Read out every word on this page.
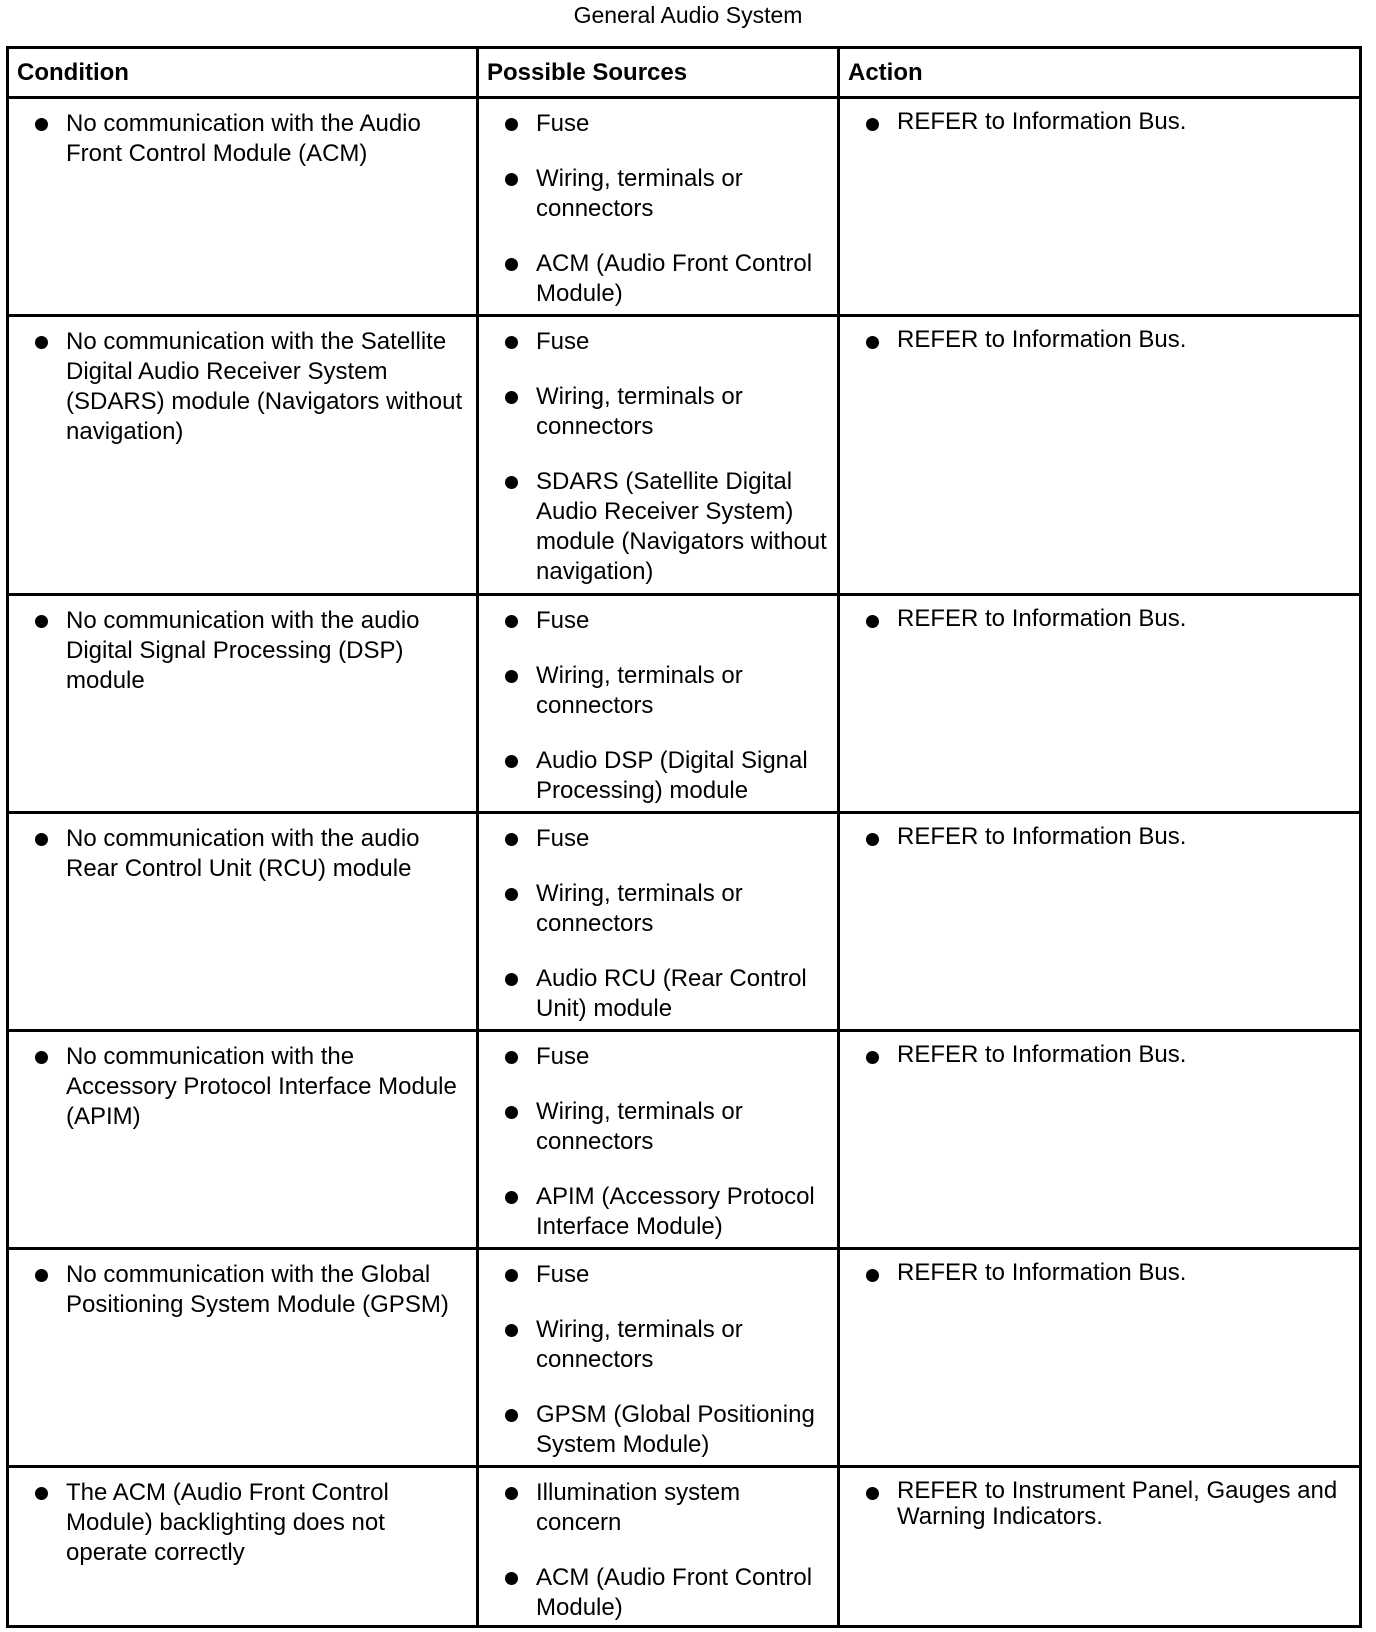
General Audio System
Condition	Possible Sources	Action
No communication with the Audio Front Control Module (ACM)
Fuse
Wiring, terminals or connectors
ACM (Audio Front Control Module)
REFER to Information Bus.
No communication with the Satellite Digital Audio Receiver System (SDARS) module (Navigators without navigation)
Fuse
Wiring, terminals or connectors
SDARS (Satellite Digital Audio Receiver System) module (Navigators without navigation)
REFER to Information Bus.
No communication with the audio Digital Signal Processing (DSP) module
Fuse
Wiring, terminals or connectors
Audio DSP (Digital Signal Processing) module
REFER to Information Bus.
No communication with the audio Rear Control Unit (RCU) module
Fuse
Wiring, terminals or connectors
Audio RCU (Rear Control Unit) module
REFER to Information Bus.
No communication with the Accessory Protocol Interface Module (APIM)
Fuse
Wiring, terminals or connectors
APIM (Accessory Protocol Interface Module)
REFER to Information Bus.
No communication with the Global Positioning System Module (GPSM)
Fuse
Wiring, terminals or connectors
GPSM (Global Positioning System Module)
REFER to Information Bus.
The ACM (Audio Front Control Module) backlighting does not operate correctly
Illumination system concern
ACM (Audio Front Control Module)
REFER to Instrument Panel, Gauges and Warning Indicators.
